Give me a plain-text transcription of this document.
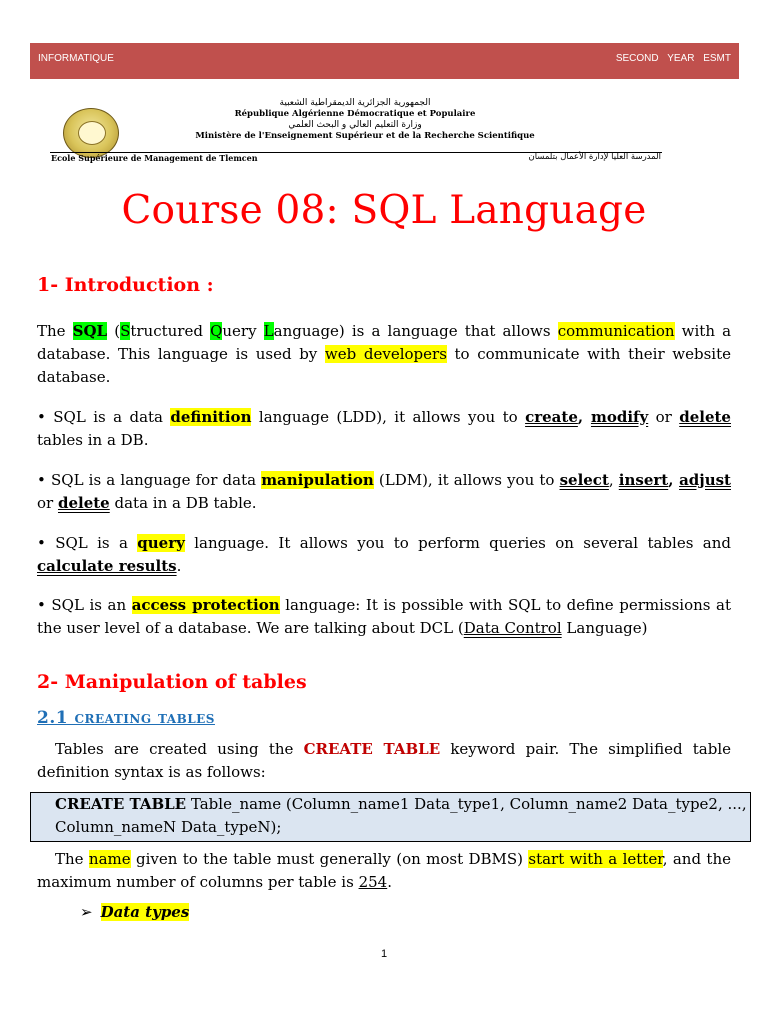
INFORMATIQUE	SECOND YEAR ESMT
الجمهورية الجزائرية الديمقراطية الشعبية
République Algérienne Démocratique et Populaire
وزارة التعليم العالي و البحث العلمي
Ministère de l'Enseignement Supérieur et de la Recherche Scientifique
Ecole Supérieure de Management de Tlemcen	المدرسة العليا لإدارة الأعمال بتلمسان
Course 08: SQL Language
1- Introduction :
The SQL (Structured Query Language) is a language that allows communication with a database. This language is used by web developers to communicate with their website database.
• SQL is a data definition language (LDD), it allows you to create, modify or delete tables in a DB.
• SQL is a language for data manipulation (LDM), it allows you to select, insert, adjust or delete data in a DB table.
• SQL is a query language. It allows you to perform queries on several tables and calculate results.
• SQL is an access protection language: It is possible with SQL to define permissions at the user level of a database. We are talking about DCL (Data Control Language)
2- Manipulation of tables
2.1 creating tables
Tables are created using the CREATE TABLE keyword pair. The simplified table definition syntax is as follows:
CREATE TABLE Table_name (Column_name1 Data_type1, Column_name2 Data_type2, ..., Column_nameN Data_typeN);
The name given to the table must generally (on most DBMS) start with a letter, and the maximum number of columns per table is 254.
➢ Data types
1
